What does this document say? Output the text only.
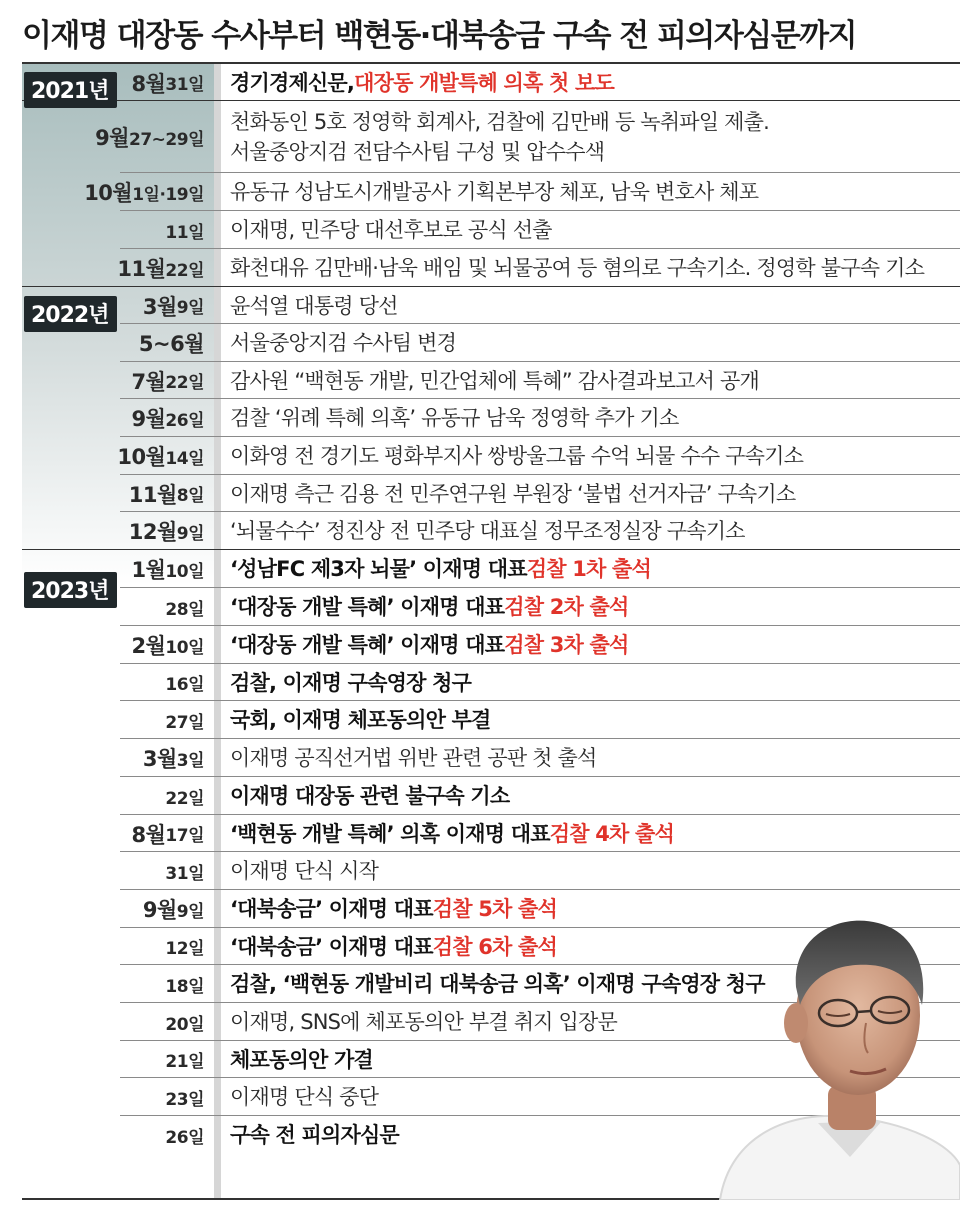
이재명 대장동 수사부터 백현동·대북송금 구속 전 피의자심문까지
8월 31일 경기경제신문, 대장동 개발특혜 의혹 첫 보도
9월 27~29일
천화동인 5호 정영학 회계사, 검찰에 김만배 등 녹취파일 제출.
서울중앙지검 전담수사팀 구성 및 압수수색
10월 1일·19일 유동규 성남도시개발공사 기획본부장 체포, 남욱 변호사 체포
11일 이재명, 민주당 대선후보로 공식 선출
11월 22일 화천대유 김만배·남욱 배임 및 뇌물공여 등 혐의로 구속기소. 정영학 불구속 기소
3월 9일 윤석열 대통령 당선
5~6월 서울중앙지검 수사팀 변경
7월 22일 감사원 “백현동 개발, 민간업체에 특혜” 감사결과보고서 공개
9월 26일 검찰 ‘위례 특혜 의혹’ 유동규 남욱 정영학 추가 기소
10월 14일 이화영 전 경기도 평화부지사 쌍방울그룹 수억 뇌물 수수 구속기소
11월 8일 이재명 측근 김용 전 민주연구원 부원장 ‘불법 선거자금’ 구속기소
12월 9일 ‘뇌물수수’ 정진상 전 민주당 대표실 정무조정실장 구속기소
1월 10일 ‘성남FC 제3자 뇌물’ 이재명 대표 검찰 1차 출석
28일 ‘대장동 개발 특혜’ 이재명 대표 검찰 2차 출석
2월 10일 ‘대장동 개발 특혜’ 이재명 대표 검찰 3차 출석
16일 검찰, 이재명 구속영장 청구
27일 국회, 이재명 체포동의안 부결
3월 3일 이재명 공직선거법 위반 관련 공판 첫 출석
22일 이재명 대장동 관련 불구속 기소
8월 17일 ‘백현동 개발 특혜’ 의혹 이재명 대표 검찰 4차 출석
31일 이재명 단식 시작
9월 9일 ‘대북송금’ 이재명 대표 검찰 5차 출석
12일 ‘대북송금’ 이재명 대표 검찰 6차 출석
18일 검찰, ‘백현동 개발비리 대북송금 의혹’ 이재명 구속영장 청구
20일 이재명, SNS에 체포동의안 부결 취지 입장문
21일 체포동의안 가결
23일 이재명 단식 중단
26일 구속 전 피의자심문
2021년
2022년
2023년
